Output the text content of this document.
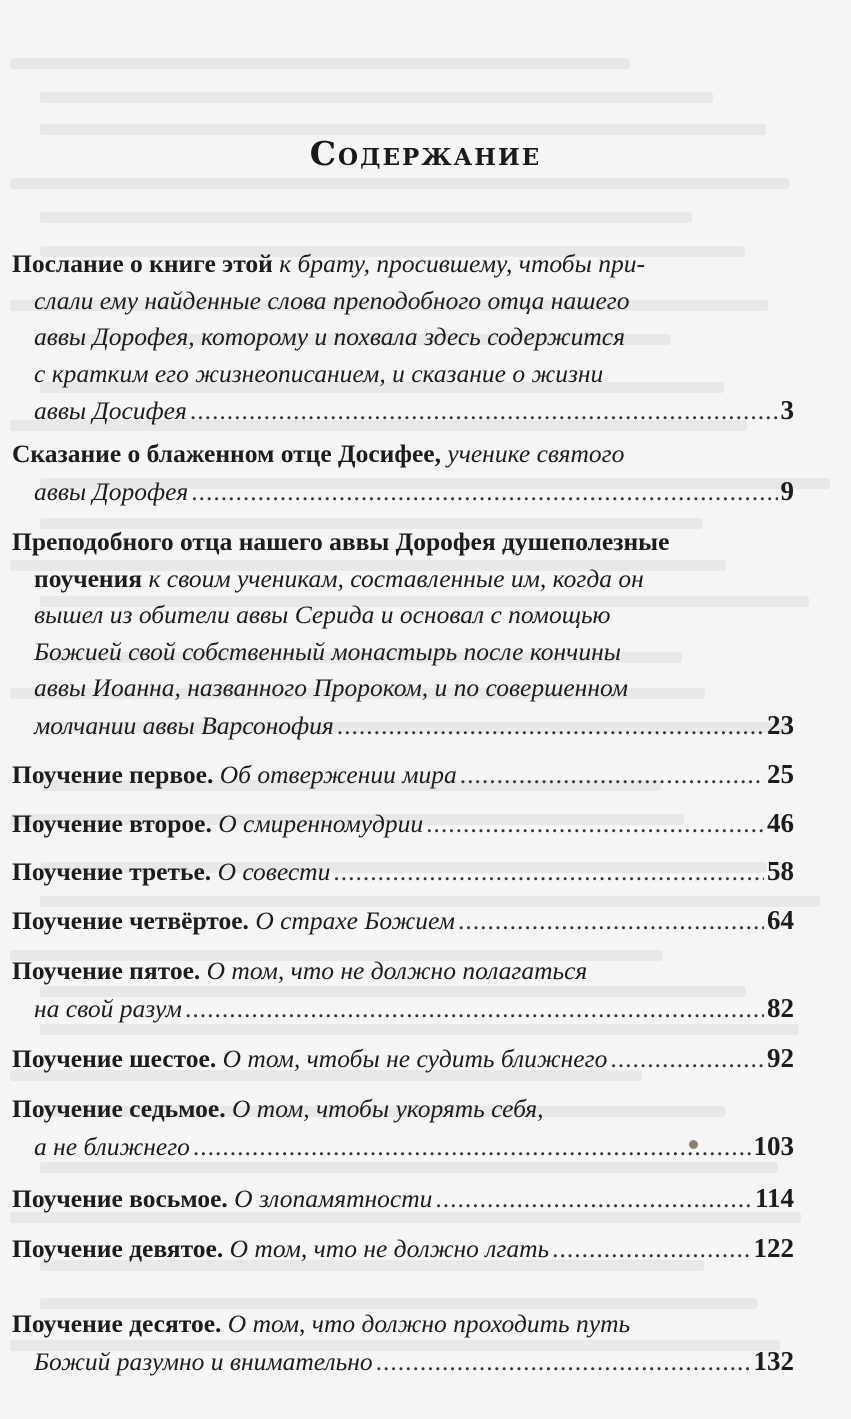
Содержание
Послание о книге этой к брату, просившему, чтобы при-
слали ему найденные слова преподобного отца нашего
аввы Дорофея, которому и похвала здесь содержится
с кратким его жизнеописанием, и сказание о жизни
аввы Досифея .....	3
Сказание о блаженном отце Досифее, ученике святого
аввы Дорофея .....	9
Преподобного отца нашего аввы Дорофея душеполезные
поучения к своим ученикам, составленные им, когда он
вышел из обители аввы Серида и основал с помощью
Божией свой собственный монастырь после кончины
аввы Иоанна, названного Пророком, и по совершенном
молчании аввы Варсонофия .....	23
Поучение первое. Об отвержении мира .....	25
Поучение второе. О смиренномудрии .....	46
Поучение третье. О совести .....	58
Поучение четвёртое. О страхе Божием .....	64
Поучение пятое. О том, что не должно полагаться
на свой разум .....	82
Поучение шестое. О том, чтобы не судить ближнего .....	92
Поучение седьмое. О том, чтобы укорять себя,
а не ближнего .....	103
Поучение восьмое. О злопамятности .....	114
Поучение девятое. О том, что не должно лгать .....	122
Поучение десятое. О том, что должно проходить путь
Божий разумно и внимательно .....	132
